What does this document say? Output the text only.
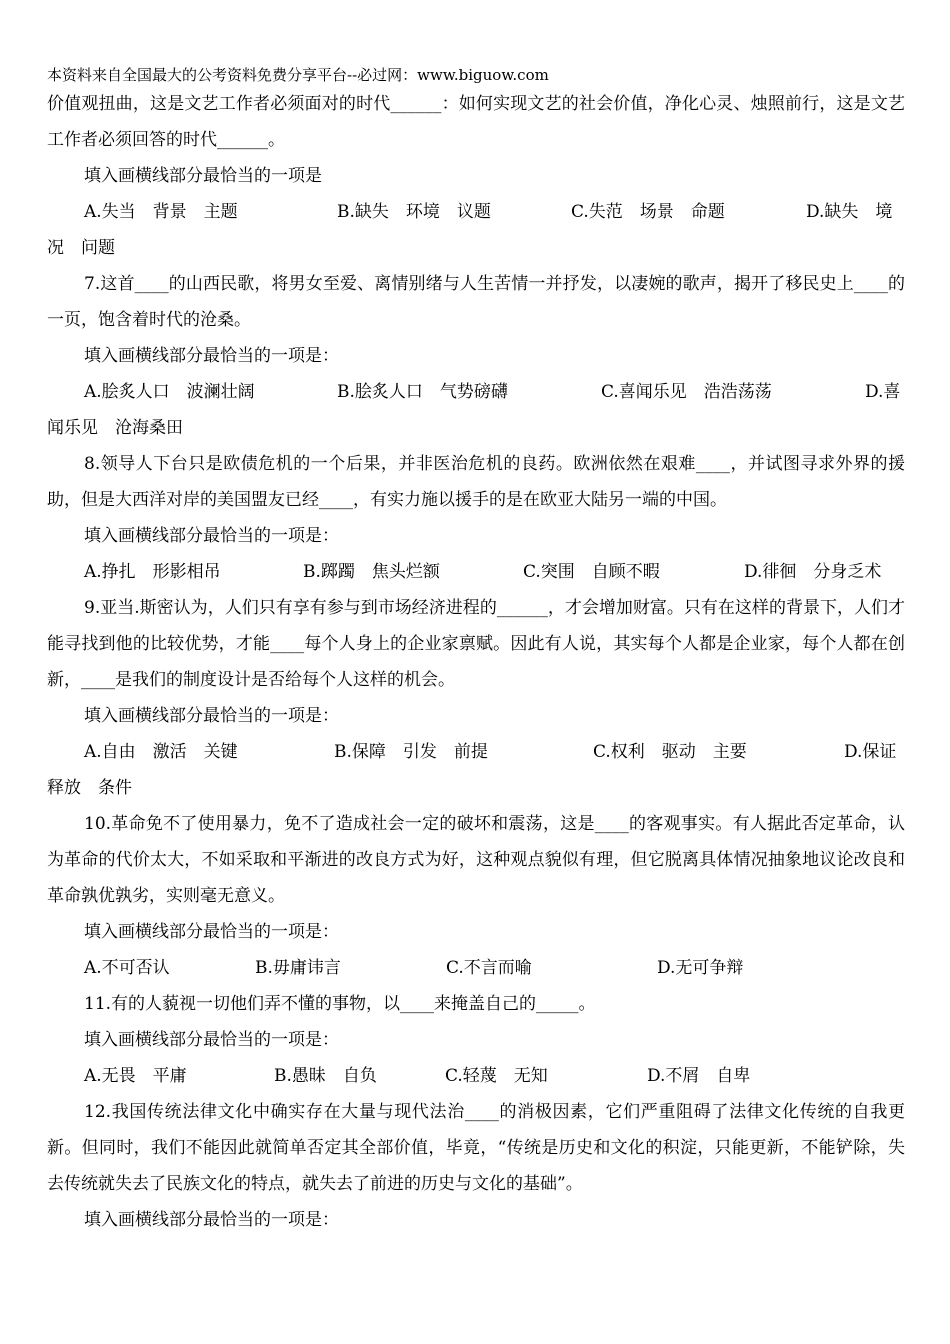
本资料来自全国最大的公考资料免费分享平台--必过网：www.biguow.com
价值观扭曲，这是文艺工作者必须面对的时代______：如何实现文艺的社会价值，净化心灵、烛照前行，这是文艺工作者必须回答的时代______。
填入画横线部分最恰当的一项是
A.失当　背景　主题	B.缺失　环境　议题	C.失范　场景　命题	D.缺失　境
况　问题
7.这首____的山西民歌，将男女至爱、离情别绪与人生苦情一并抒发，以凄婉的歌声，揭开了移民史上____的一页，饱含着时代的沧桑。
填入画横线部分最恰当的一项是：
A.脍炙人口　波澜壮阔	B.脍炙人口　气势磅礴	C.喜闻乐见　浩浩荡荡	D.喜
闻乐见　沧海桑田
8.领导人下台只是欧债危机的一个后果，并非医治危机的良药。欧洲依然在艰难____，并试图寻求外界的援助，但是大西洋对岸的美国盟友已经____，有实力施以援手的是在欧亚大陆另一端的中国。
填入画横线部分最恰当的一项是：
A.挣扎　形影相吊	B.踯躅　焦头烂额	C.突围　自顾不暇	D.徘徊　分身乏术
9.亚当.斯密认为，人们只有享有参与到市场经济进程的______，才会增加财富。只有在这样的背景下，人们才能寻找到他的比较优势，才能____每个人身上的企业家禀赋。因此有人说，其实每个人都是企业家，每个人都在创新，____是我们的制度设计是否给每个人这样的机会。
填入画横线部分最恰当的一项是：
A.自由　激活　关键	B.保障　引发　前提	C.权利　驱动　主要	D.保证
释放　条件
10.革命免不了使用暴力，免不了造成社会一定的破坏和震荡，这是____的客观事实。有人据此否定革命，认为革命的代价太大，不如采取和平渐进的改良方式为好，这种观点貌似有理，但它脱离具体情况抽象地议论改良和革命孰优孰劣，实则毫无意义。
填入画横线部分最恰当的一项是：
A.不可否认	B.毋庸讳言	C.不言而喻	D.无可争辩
11.有的人藐视一切他们弄不懂的事物，以____来掩盖自己的_____。
填入画横线部分最恰当的一项是：
A.无畏　平庸	B.愚昧　自负	C.轻蔑　无知	D.不屑　自卑
12.我国传统法律文化中确实存在大量与现代法治____的消极因素，它们严重阻碍了法律文化传统的自我更新。但同时，我们不能因此就简单否定其全部价值，毕竟，“传统是历史和文化的积淀，只能更新，不能铲除，失去传统就失去了民族文化的特点，就失去了前进的历史与文化的基础”。
填入画横线部分最恰当的一项是：
